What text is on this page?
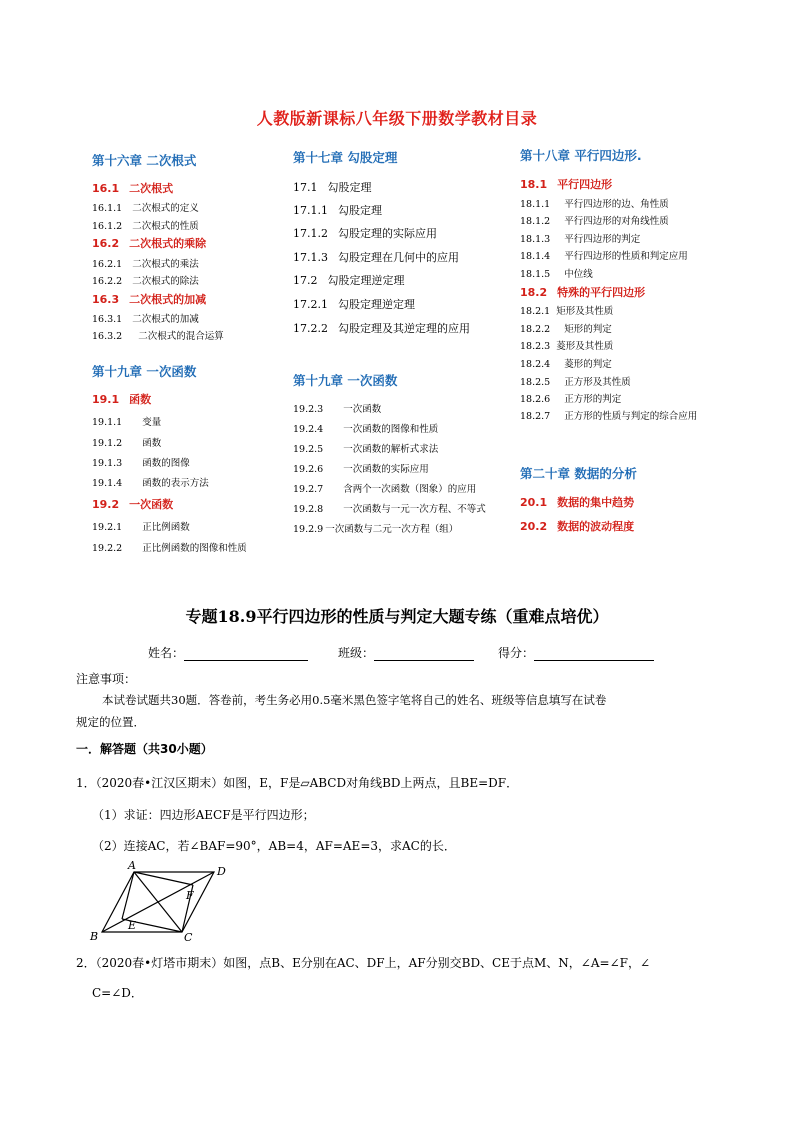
人教版新课标八年级下册数学教材目录
第十六章 二次根式
16.1 二次根式
16.1.1 二次根式的定义
16.1.2 二次根式的性质
16.2 二次根式的乘除
16.2.1 二次根式的乘法
16.2.2 二次根式的除法
16.3 二次根式的加减
16.3.1 二次根式的加减
16.3.2 二次根式的混合运算
第十九章 一次函数
19.1 函数
19.1.1 变量
19.1.2 函数
19.1.3 函数的图像
19.1.4 函数的表示方法
19.2 一次函数
19.2.1 正比例函数
19.2.2 正比例函数的图像和性质
第十七章 勾股定理
17.1 勾股定理
17.1.1 勾股定理
17.1.2 勾股定理的实际应用
17.1.3 勾股定理在几何中的应用
17.2 勾股定理逆定理
17.2.1 勾股定理逆定理
17.2.2 勾股定理及其逆定理的应用
第十九章 一次函数
19.2.3 一次函数
19.2.4 一次函数的图像和性质
19.2.5 一次函数的解析式求法
19.2.6 一次函数的实际应用
19.2.7 含两个一次函数（图象）的应用
19.2.8 一次函数与一元一次方程、不等式
19.2.9 一次函数与二元一次方程（组）
第十八章 平行四边形.
18.1 平行四边形
18.1.1 平行四边形的边、角性质
18.1.2 平行四边形的对角线性质
18.1.3 平行四边形的判定
18.1.4 平行四边形的性质和判定应用
18.1.5 中位线
18.2 特殊的平行四边形
18.2.1 矩形及其性质
18.2.2 矩形的判定
18.2.3 菱形及其性质
18.2.4 菱形的判定
18.2.5 正方形及其性质
18.2.6 正方形的判定
18.2.7 正方形的性质与判定的综合应用
第二十章 数据的分析
20.1 数据的集中趋势
20.2 数据的波动程度
专题18.9平行四边形的性质与判定大题专练（重难点培优）
姓名：	班级：	得分：
注意事项：
本试卷试题共30题．答卷前，考生务必用0.5毫米黑色签字笔将自己的姓名、班级等信息填写在试卷
规定的位置．
一．解答题（共30小题）
1．（2020春•江汉区期末）如图，E，F是▱ABCD对角线BD上两点，且BE=DF．
（1）求证：四边形AECF是平行四边形；
（2）连接AC，若∠BAF=90°，AB=4，AF=AE=3，求AC的长．
A	D
F
E
B	C
2．（2020春•灯塔市期末）如图，点B、E分别在AC、DF上，AF分别交BD、CE于点M、N，∠A=∠F，∠
C=∠D．
